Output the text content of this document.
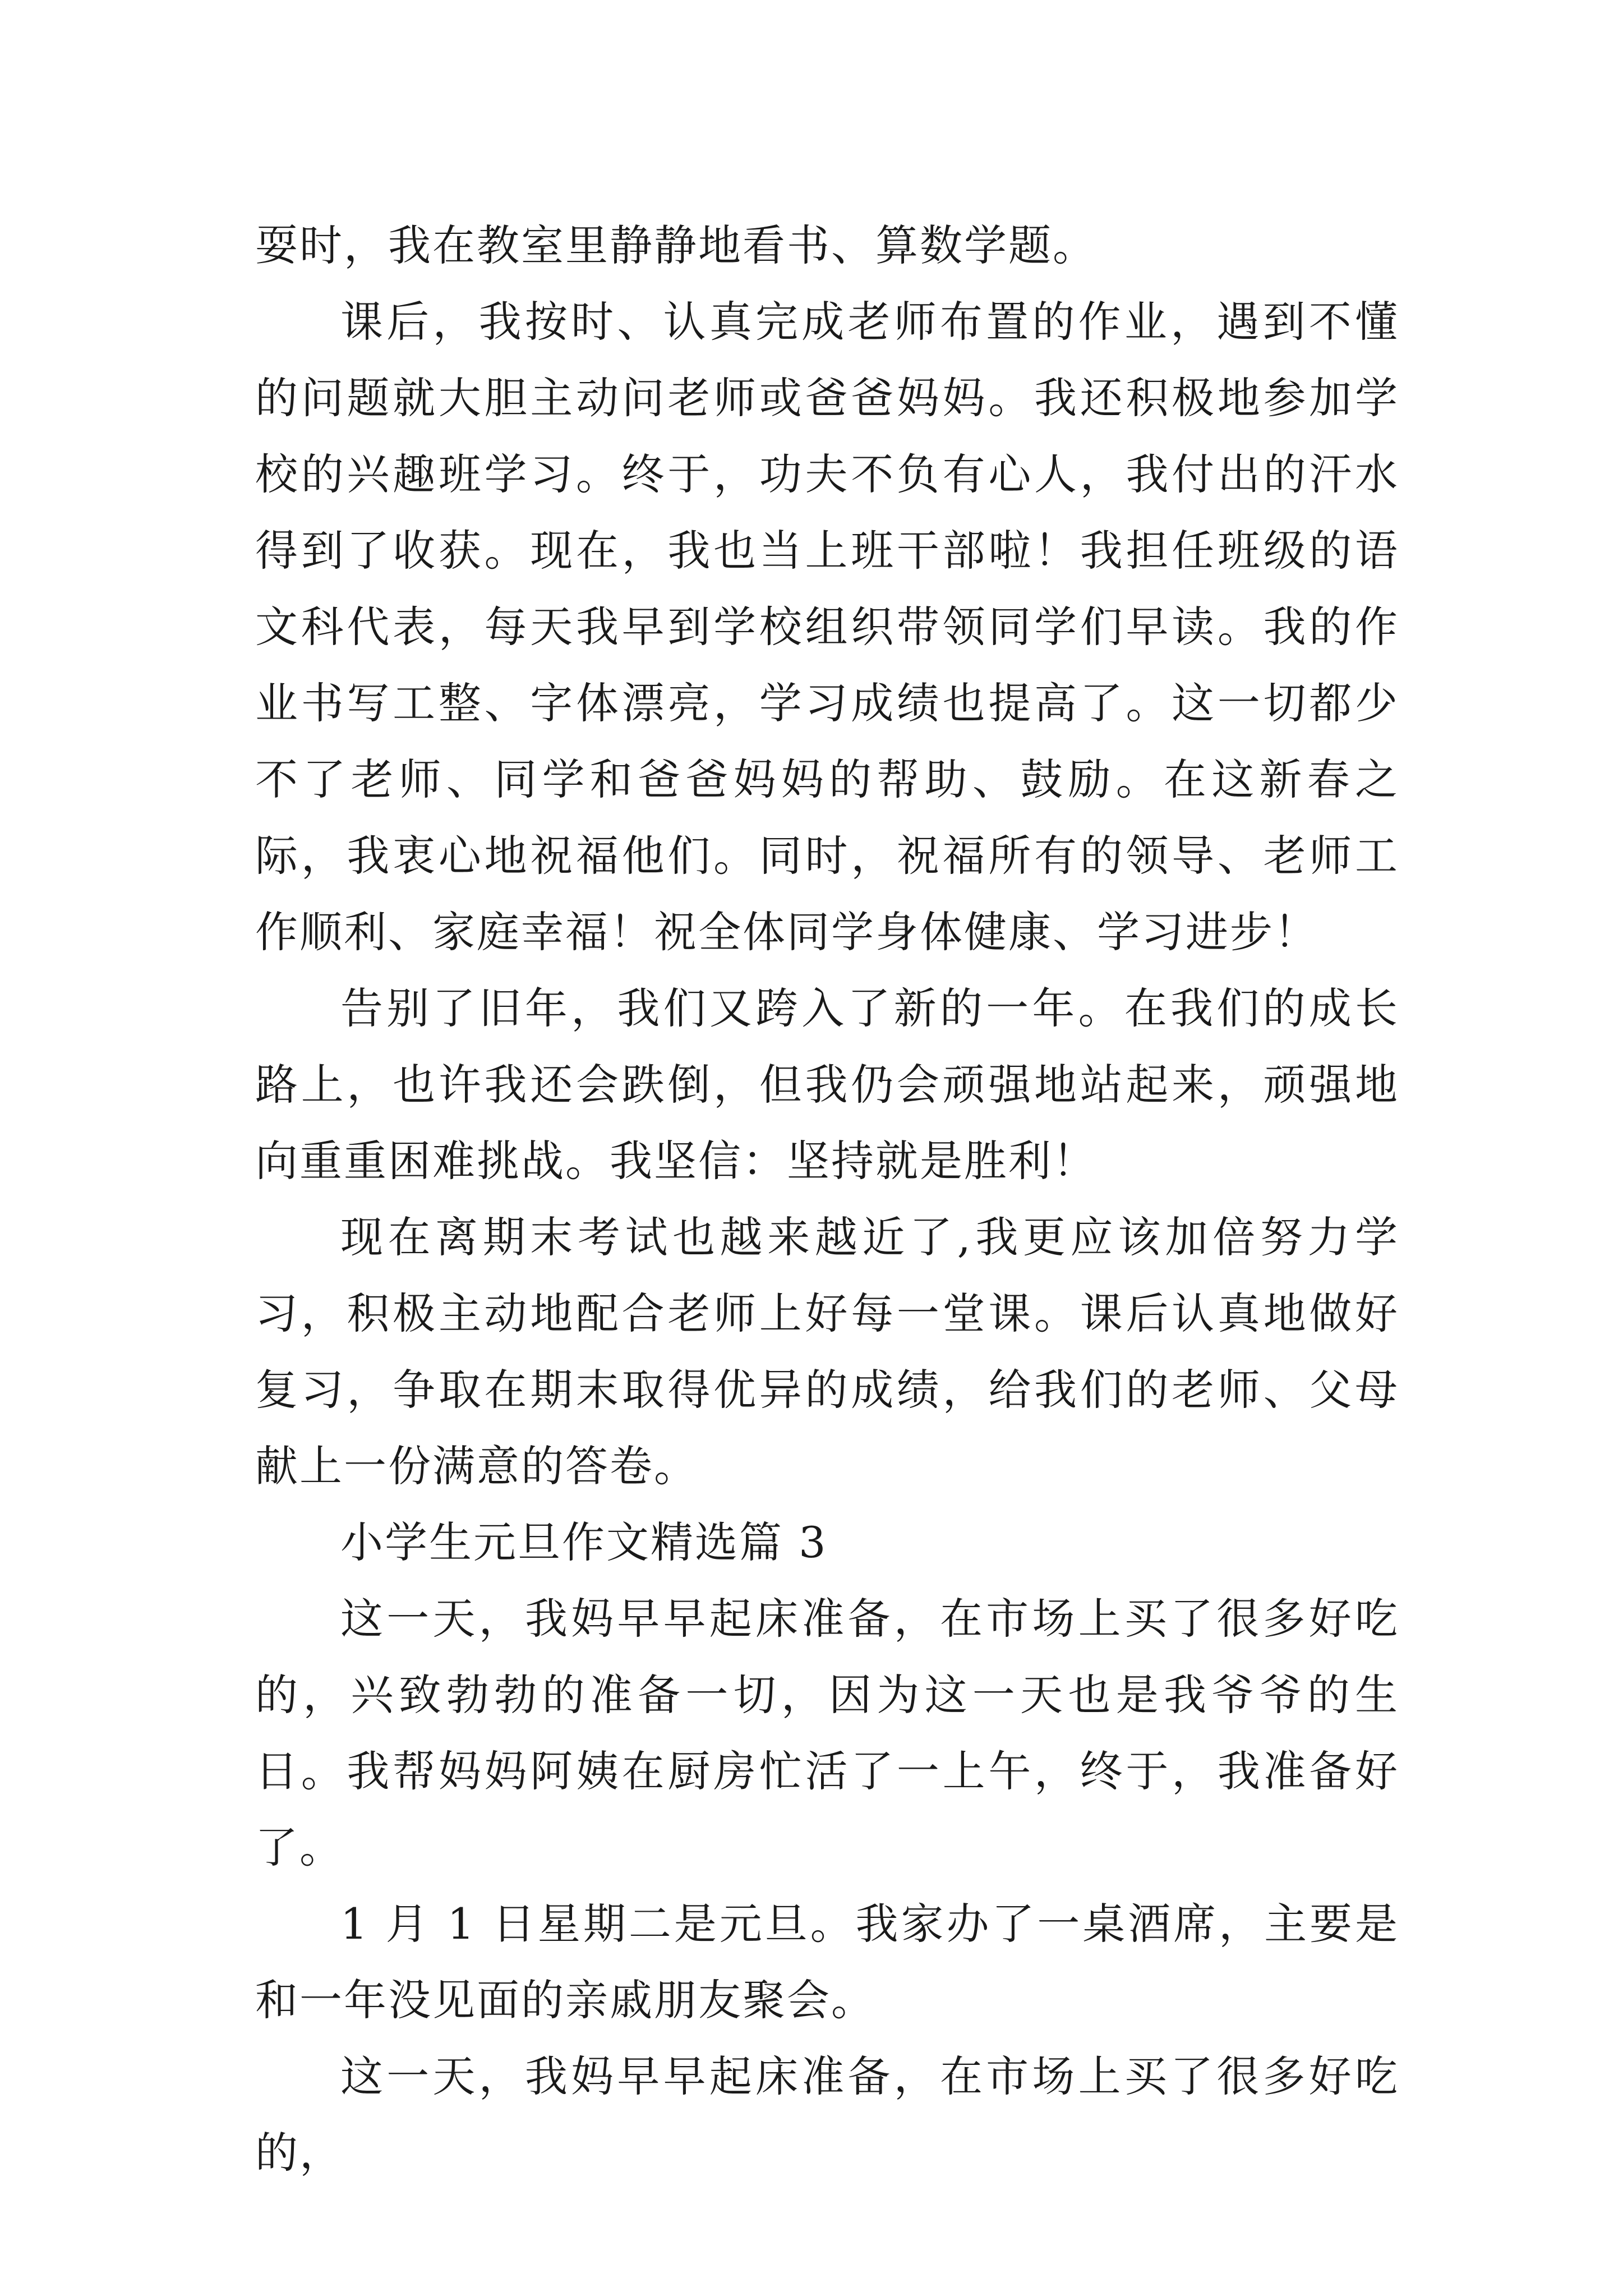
耍时，我在教室里静静地看书、算数学题。

课后，我按时、认真完成老师布置的作业，遇到不懂的问题就大胆主动问老师或爸爸妈妈。我还积极地参加学校的兴趣班学习。终于，功夫不负有心人，我付出的汗水得到了收获。现在，我也当上班干部啦！我担任班级的语文科代表，每天我早到学校组织带领同学们早读。我的作业书写工整、字体漂亮，学习成绩也提高了。这一切都少不了老师、同学和爸爸妈妈的帮助、鼓励。在这新春之际，我衷心地祝福他们。同时，祝福所有的领导、老师工作顺利、家庭幸福！祝全体同学身体健康、学习进步！

告别了旧年，我们又跨入了新的一年。在我们的成长路上，也许我还会跌倒，但我仍会顽强地站起来，顽强地向重重困难挑战。我坚信：坚持就是胜利！

现在离期末考试也越来越近了,我更应该加倍努力学习，积极主动地配合老师上好每一堂课。课后认真地做好复习，争取在期末取得优异的成绩，给我们的老师、父母献上一份满意的答卷。

小学生元旦作文精选篇 3

这一天，我妈早早起床准备，在市场上买了很多好吃的，兴致勃勃的准备一切，因为这一天也是我爷爷的生日。我帮妈妈阿姨在厨房忙活了一上午，终于，我准备好了。

1 月 1 日星期二是元旦。我家办了一桌酒席，主要是和一年没见面的亲戚朋友聚会。

这一天，我妈早早起床准备，在市场上买了很多好吃的，
